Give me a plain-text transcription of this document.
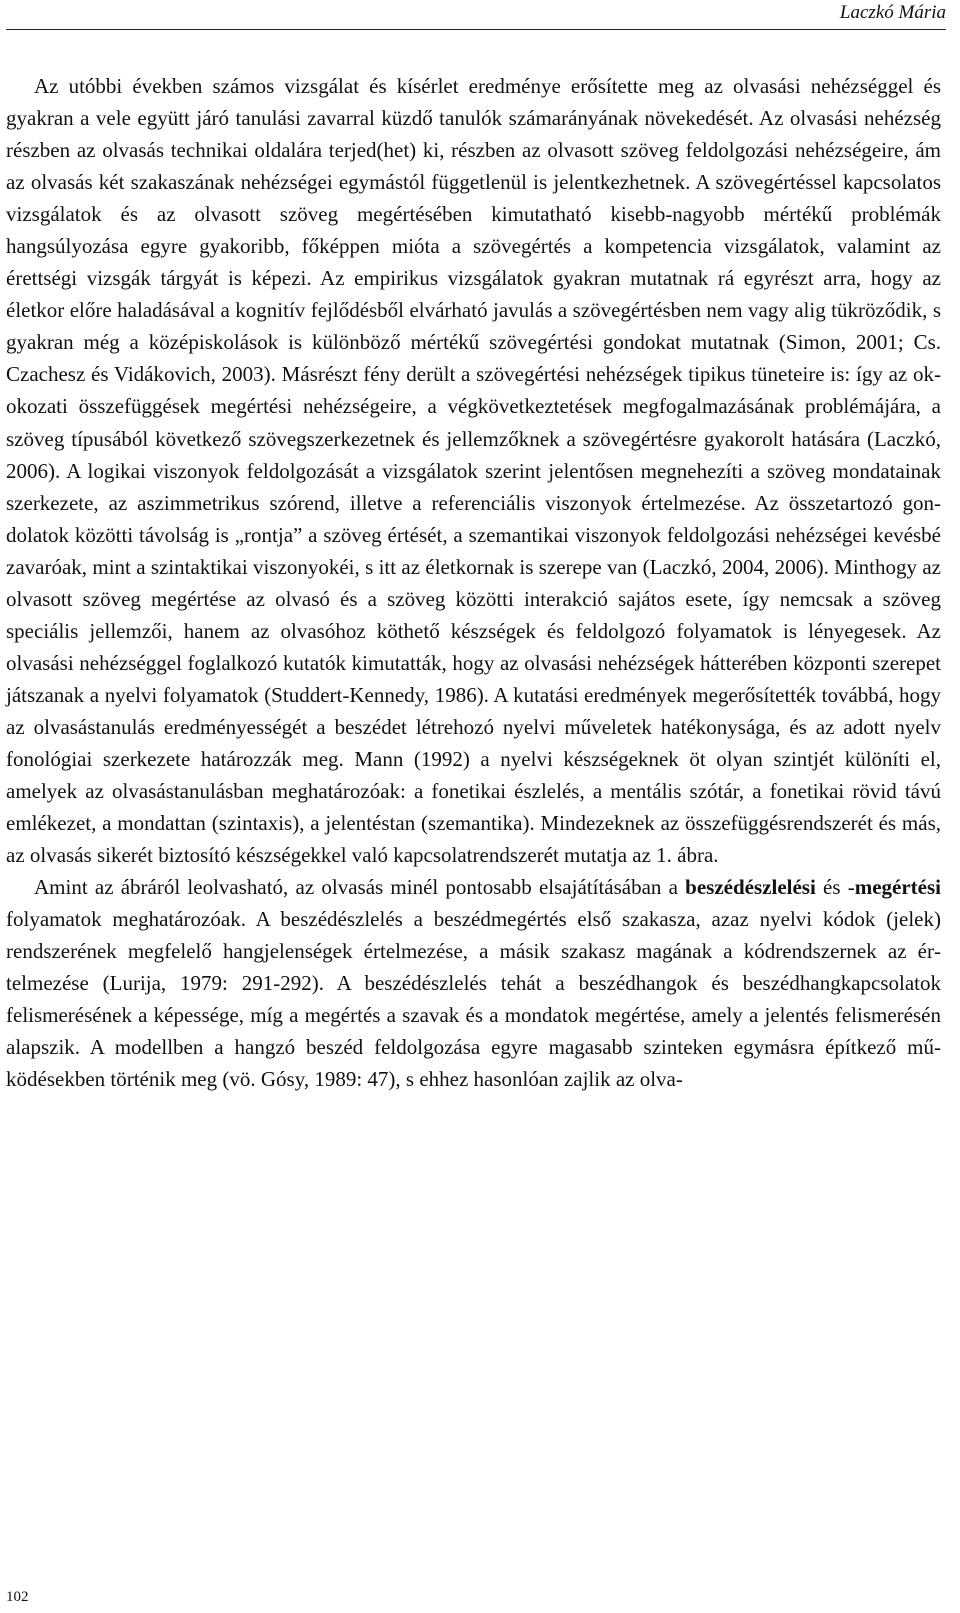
Laczkó Mária

Az utóbbi években számos vizsgálat és kísérlet eredménye erősítette meg az olvasási nehézséggel és gyakran a vele együtt járó tanulási zavarral küzdő tanulók számarányának növekedését. Az olvasási nehézség részben az olvasás technikai oldalára terjed(het) ki, részben az olvasott szöveg feldolgozási nehézségeire, ám az olvasás két szakaszának nehézségei egymástól függetlenül is jelentkezhetnek. A szövegértéssel kapcsolatos vizsgálatok és az olvasott szöveg megértésében kimutatható kisebb-nagyobb mértékű problémák hangsúlyozása egyre gyakoribb, főképpen mióta a szövegértés a kompetencia vizsgálatok, valamint az érettségi vizsgák tárgyát is képezi. Az empirikus vizsgálatok gyakran mutatnak rá egyrészt arra, hogy az életkor előre haladásával a kognitív fejlődésből elvárható javulás a szövegértésben nem vagy alig tükröződik, s gyakran még a középiskolások is különböző mértékű szövegértési gondokat mutatnak (Simon, 2001; Cs. Czachesz és Vidákovich, 2003). Másrészt fény derült a szövegértési nehézségek tipikus tüneteire is: így az ok-okozati összefüggések megértési nehézségeire, a végkövetkeztetések megfogalmazásának problémájára, a szöveg típusából következő szövegszerkezetnek és jellemzőknek a szövegértésre gyakorolt hatására (Laczkó, 2006). A logikai viszonyok feldolgozását a vizsgálatok szerint jelentősen megnehezíti a szöveg mondatainak szerkezete, az aszimmetrikus szórend, illetve a referenciális viszonyok értelmezése. Az összetartozó gondolatok közötti távolság is „rontja” a szöveg értését, a szemantikai viszonyok feldolgozási nehézségei kevésbé zavaróak, mint a szintaktikai viszonyokéi, s itt az életkornak is szerepe van (Laczkó, 2004, 2006). Minthogy az olvasott szöveg megértése az olvasó és a szöveg közötti interakció sajátos esete, így nemcsak a szöveg speciális jellemzői, hanem az olvasóhoz köthető készségek és feldolgozó folyamatok is lényegesek. Az olvasási nehézséggel foglalkozó kutatók kimutatták, hogy az olvasási nehézségek hátterében központi szerepet játszanak a nyelvi folyamatok (Studdert-Kennedy, 1986). A kutatási eredmények megerősítették továbbá, hogy az olvasástanulás eredményességét a beszédet létrehozó nyelvi műveletek hatékonysága, és az adott nyelv fonológiai szerkezete határozzák meg. Mann (1992) a nyelvi készségeknek öt olyan szintjét különíti el, amelyek az olvasástanulásban meghatározóak: a fonetikai észlelés, a mentális szótár, a fonetikai rövid távú emlékezet, a mondattan (szintaxis), a jelentéstan (szemantika). Mindezeknek az összefüggésrendszerét és más, az olvasás sikerét biztosító készségekkel való kapcsolatrendszerét mutatja az 1. ábra.

Amint az ábráról leolvasható, az olvasás minél pontosabb elsajátításában a beszédészlelési és -megértési folyamatok meghatározóak. A beszédészlelés a beszédmegértés első szakasza, azaz nyelvi kódok (jelek) rendszerének megfelelő hangjelenségek értelmezése, a másik szakasz magának a kódrendszernek az értelmezése (Lurija, 1979: 291-292). A beszédészlelés tehát a beszédhangok és beszédhangkapcsolatok felismerésének a képessége, míg a megértés a szavak és a mondatok megértése, amely a jelentés felismerésén alapszik. A modellben a hangzó beszéd feldolgozása egyre magasabb szinteken egymásra építkező működésekben történik meg (vö. Gósy, 1989: 47), s ehhez hasonlóan zajlik az olva-

102
